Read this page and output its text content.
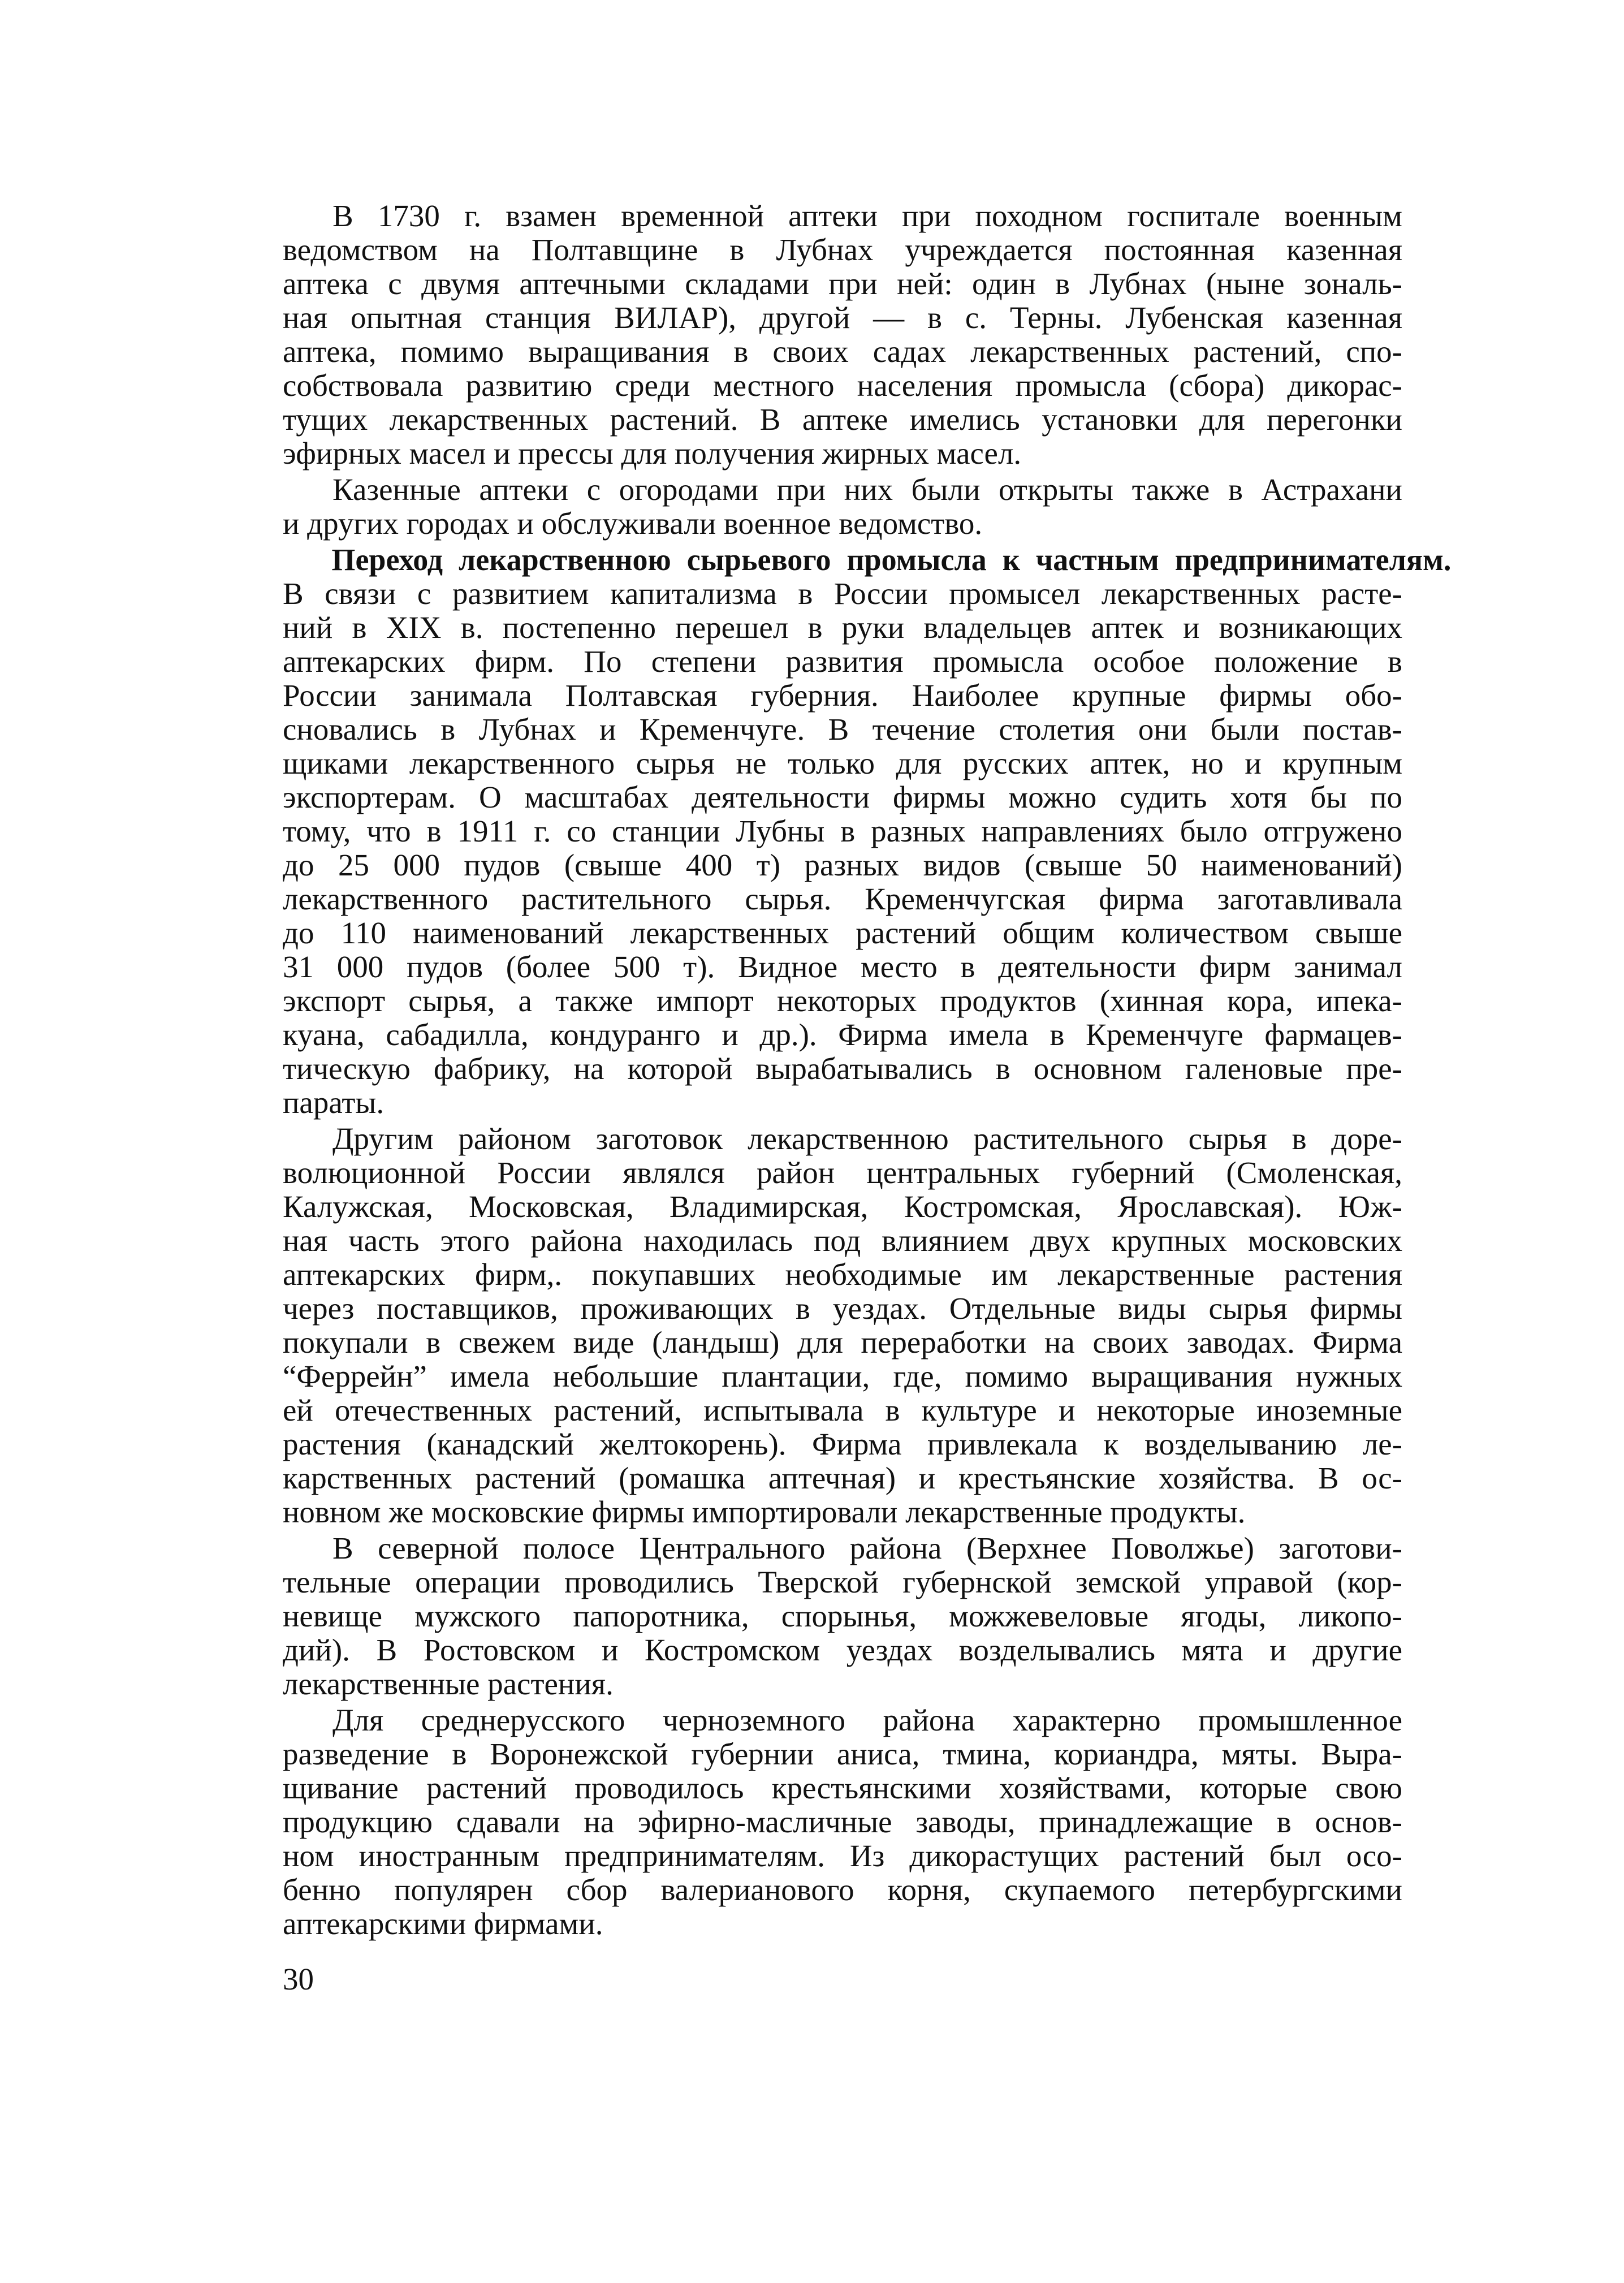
В 1730 г. взамен временной аптеки при походном госпитале военным
ведомством на Полтавщине в Лубнах учреждается постоянная казенная
аптека с двумя аптечными складами при ней: один в Лубнах (ныне зональ-
ная опытная станция ВИЛАР), другой — в с. Терны. Лубенская казенная
аптека, помимо выращивания в своих садах лекарственных растений, спо-
собствовала развитию среди местного населения промысла (сбора) дикорас-
тущих лекарственных растений. В аптеке имелись установки для перегонки
эфирных масел и прессы для получения жирных масел.
Казенные аптеки с огородами при них были открыты также в Астрахани
и других городах и обслуживали военное ведомство.
Переход лекарственною сырьевого промысла к частным предпринимателям.
В связи с развитием капитализма в России промысел лекарственных расте-
ний в XIX в. постепенно перешел в руки владельцев аптек и возникающих
аптекарских фирм. По степени развития промысла особое положение в
России занимала Полтавская губерния. Наиболее крупные фирмы обо-
сновались в Лубнах и Кременчуге. В течение столетия они были постав-
щиками лекарственного сырья не только для русских аптек, но и крупным
экспортерам. О масштабах деятельности фирмы можно судить хотя бы по
тому, что в 1911 г. со станции Лубны в разных направлениях было отгружено
до 25 000 пудов (свыше 400 т) разных видов (свыше 50 наименований)
лекарственного растительного сырья. Кременчугская фирма заготавливала
до 110 наименований лекарственных растений общим количеством свыше
31 000 пудов (более 500 т). Видное место в деятельности фирм занимал
экспорт сырья, а также импорт некоторых продуктов (хинная кора, ипека-
куана, сабадилла, кондуранго и др.). Фирма имела в Кременчуге фармацев-
тическую фабрику, на которой вырабатывались в основном галеновые пре-
параты.
Другим районом заготовок лекарственною растительного сырья в доре-
волюционной России являлся район центральных губерний (Смоленская,
Калужская, Московская, Владимирская, Костромская, Ярославская). Юж-
ная часть этого района находилась под влиянием двух крупных московских
аптекарских фирм,. покупавших необходимые им лекарственные растения
через поставщиков, проживающих в уездах. Отдельные виды сырья фирмы
покупали в свежем виде (ландыш) для переработки на своих заводах. Фирма
“Феррейн” имела небольшие плантации, где, помимо выращивания нужных
ей отечественных растений, испытывала в культуре и некоторые иноземные
растения (канадский желтокорень). Фирма привлекала к возделыванию ле-
карственных растений (ромашка аптечная) и крестьянские хозяйства. В ос-
новном же московские фирмы импортировали лекарственные продукты.
В северной полосе Центрального района (Верхнее Поволжье) заготови-
тельные операции проводились Тверской губернской земской управой (кор-
невище мужского папоротника, спорынья, можжевеловые ягоды, ликопо-
дий). В Ростовском и Костромском уездах возделывались мята и другие
лекарственные растения.
Для среднерусского черноземного района характерно промышленное
разведение в Воронежской губернии аниса, тмина, кориандра, мяты. Выра-
щивание растений проводилось крестьянскими хозяйствами, которые свою
продукцию сдавали на эфирно-масличные заводы, принадлежащие в основ-
ном иностранным предпринимателям. Из дикорастущих растений был осо-
бенно популярен сбор валерианового корня, скупаемого петербургскими
аптекарскими фирмами.
30
